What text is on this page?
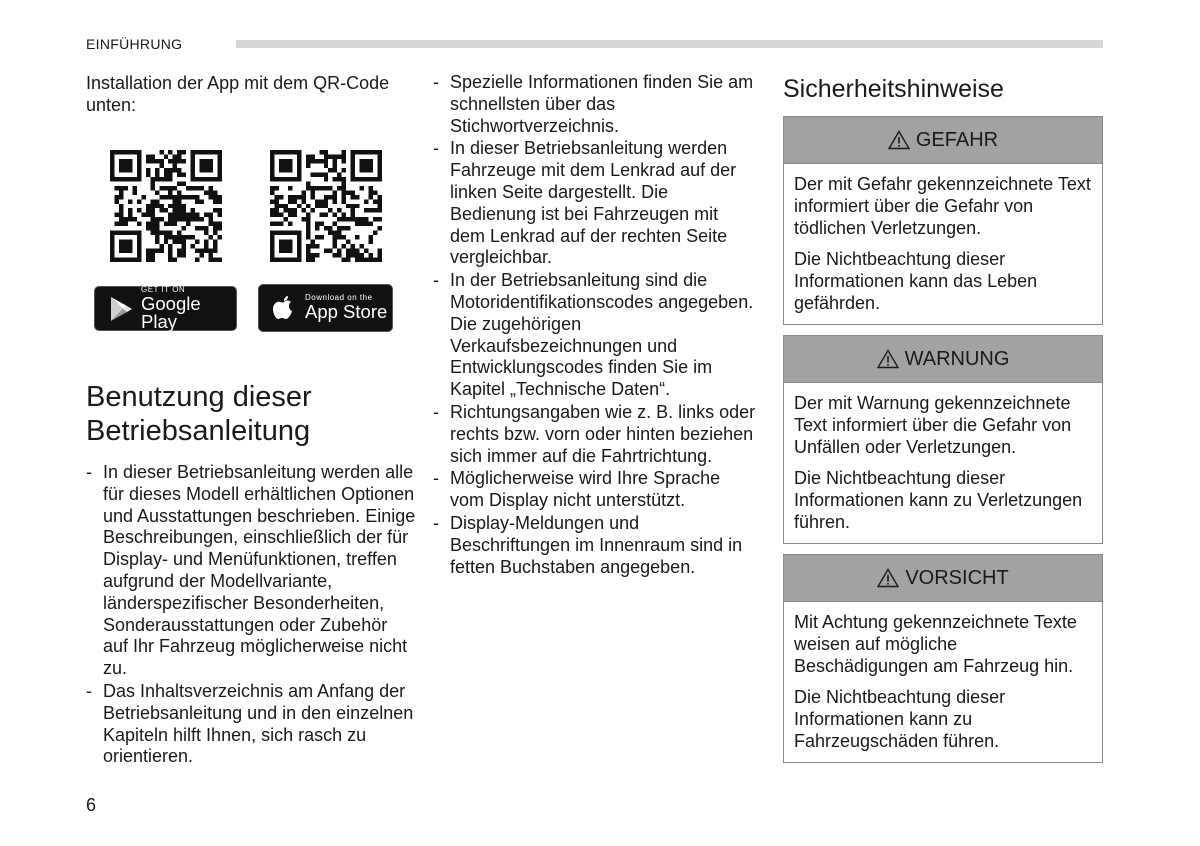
EINFÜHRUNG

Installation der App mit dem QR-Code unten:

GET IT ON
Google Play
Download on the
App Store
Benutzung dieser Betriebsanleitung
- In dieser Betriebsanleitung werden alle für dieses Modell erhältlichen Optionen und Ausstattungen beschrieben. Einige Beschreibungen, einschließlich der für Display- und Menüfunktionen, treffen aufgrund der Modellvariante, länderspezifischer Besonderheiten, Sonderausstattungen oder Zubehör auf Ihr Fahrzeug möglicherweise nicht zu.
- Das Inhaltsverzeichnis am Anfang der Betriebsanleitung und in den einzelnen Kapiteln hilft Ihnen, sich rasch zu orientieren.
- Spezielle Informationen finden Sie am schnellsten über das Stichwortverzeichnis.
- In dieser Betriebsanleitung werden Fahrzeuge mit dem Lenkrad auf der linken Seite dargestellt. Die Bedienung ist bei Fahrzeugen mit dem Lenkrad auf der rechten Seite vergleichbar.
- In der Betriebsanleitung sind die Motoridentifikationscodes angegeben. Die zugehörigen Verkaufsbezeichnungen und Entwicklungscodes finden Sie im Kapitel „Technische Daten“.
- Richtungsangaben wie z. B. links oder rechts bzw. vorn oder hinten beziehen sich immer auf die Fahrtrichtung.
- Möglicherweise wird Ihre Sprache vom Display nicht unterstützt.
- Display-Meldungen und Beschriftungen im Innenraum sind in fetten Buchstaben angegeben.
Sicherheitshinweise
GEFAHR

Der mit Gefahr gekennzeichnete Text informiert über die Gefahr von tödlichen Verletzungen.

Die Nichtbeachtung dieser Informationen kann das Leben gefährden.

WARNUNG

Der mit Warnung gekennzeichnete Text informiert über die Gefahr von Unfällen oder Verletzungen.

Die Nichtbeachtung dieser Informationen kann zu Verletzungen führen.

VORSICHT

Mit Achtung gekennzeichnete Texte weisen auf mögliche Beschädigungen am Fahrzeug hin.

Die Nichtbeachtung dieser Informationen kann zu Fahrzeugschäden führen.

6
